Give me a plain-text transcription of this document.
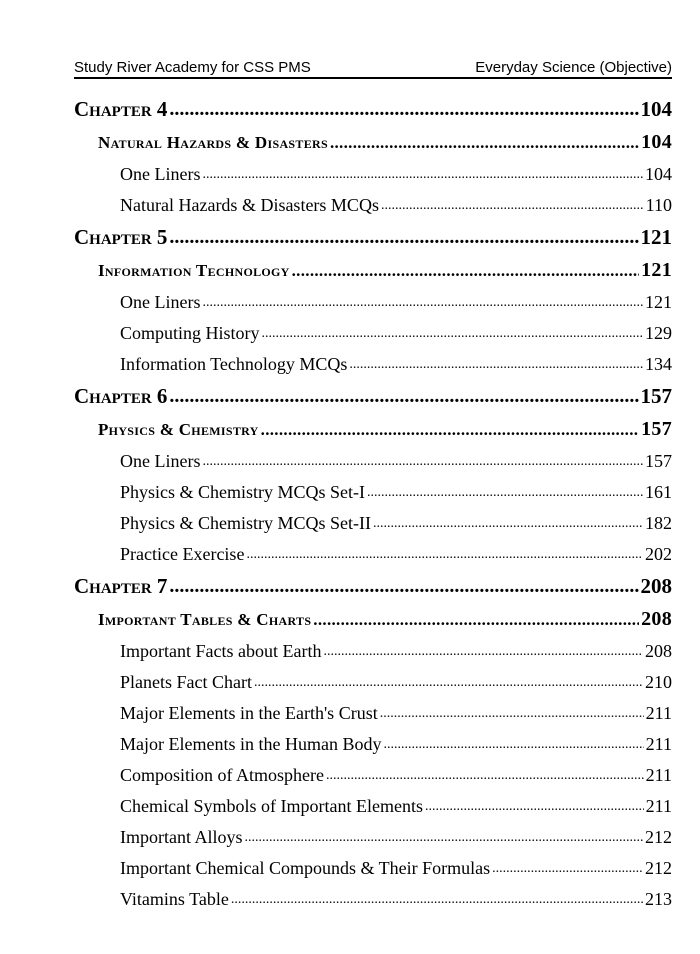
Study River Academy for CSS PMS	Everyday Science (Objective)
Chapter 4 .....	104
Natural Hazards & Disasters .....	104
One Liners .....	104
Natural Hazards & Disasters MCQs .....	110
Chapter 5 .....	121
Information Technology .....	121
One Liners .....	121
Computing History .....	129
Information Technology MCQs .....	134
Chapter 6 .....	157
Physics & Chemistry .....	157
One Liners .....	157
Physics & Chemistry MCQs Set-I .....	161
Physics & Chemistry MCQs Set-II .....	182
Practice Exercise .....	202
Chapter 7 .....	208
Important Tables & Charts .....	208
Important Facts about Earth .....	208
Planets Fact Chart .....	210
Major Elements in the Earth's Crust .....	211
Major Elements in the Human Body .....	211
Composition of Atmosphere .....	211
Chemical Symbols of Important Elements .....	211
Important Alloys .....	212
Important Chemical Compounds & Their Formulas .....	212
Vitamins Table .....	213
